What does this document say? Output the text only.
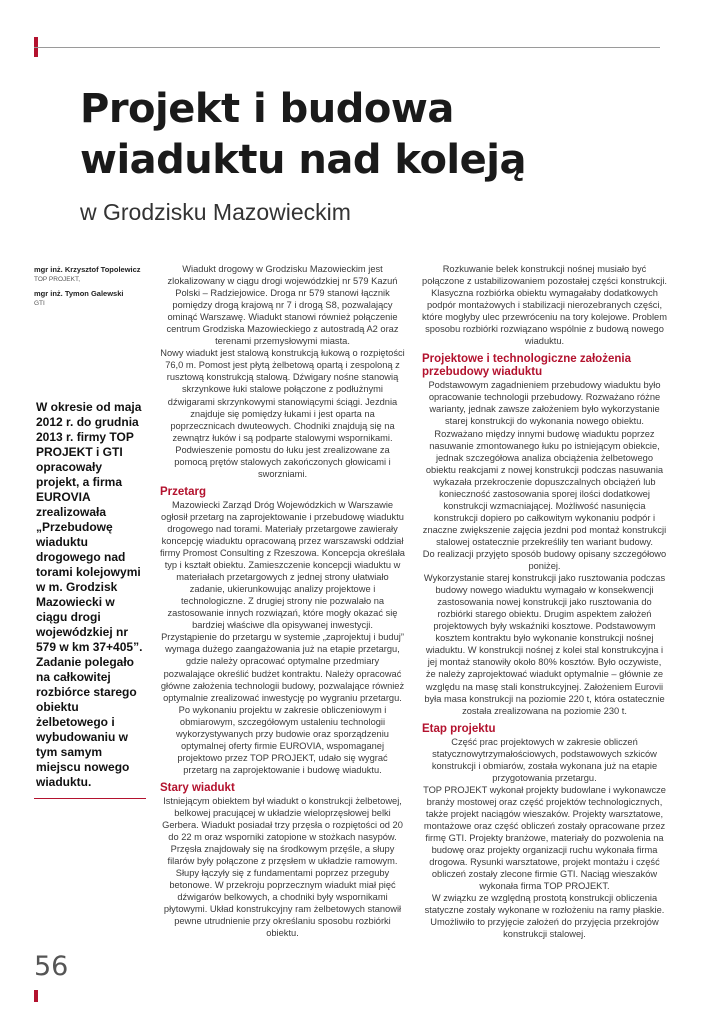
Projekt i budowa
wiaduktu nad koleją
w Grodzisku Mazowieckim
mgr inż. Krzysztof Topolewicz
TOP PROJEKT,
mgr inż. Tymon Galewski
GTI

W okresie od maja 2012 r. do grudnia 2013 r. firmy TOP PROJEKT i GTI opracowały projekt, a firma EUROVIA zrealizowała „Przebudowę wiaduktu drogowego nad torami kolejowymi w m. Grodzisk Mazowiecki w ciągu drogi wojewódzkiej nr 579 w km 37+405”. Zadanie polegało na całkowitej rozbiórce starego obiektu żelbetowego i wybudowaniu w tym samym miejscu nowego wiaduktu.

Wiadukt drogowy w Grodzisku Mazowieckim jest zlokalizowany w ciągu drogi wojewódzkiej nr 579 Kazuń Polski – Radziejowice. Droga nr 579 stanowi łącznik pomiędzy drogą krajową nr 7 i drogą S8, pozwalający ominąć Warszawę. Wiadukt stanowi również połączenie centrum Grodziska Mazowieckiego z autostradą A2 oraz terenami przemysłowymi miasta.

Nowy wiadukt jest stalową konstrukcją łukową o rozpiętości 76,0 m. Pomost jest płytą żelbetową opartą i zespoloną z rusztową konstrukcją stalową. Dźwigary nośne stanowią skrzynkowe łuki stalowe połączone z podłużnymi dźwigarami skrzynkowymi stanowiącymi ściągi. Jezdnia znajduje się pomiędzy łukami i jest oparta na poprzecznicach dwuteowych. Chodniki znajdują się na zewnątrz łuków i są podparte stalowymi wspornikami. Podwieszenie pomostu do łuku jest zrealizowane za pomocą prętów stalowych zakończonych głowicami i sworzniami.

Przetarg

Mazowiecki Zarząd Dróg Wojewódzkich w Warszawie ogłosił przetarg na zaprojektowanie i przebudowę wiaduktu drogowego nad torami. Materiały przetargowe zawierały koncepcję wiaduktu opracowaną przez warszawski oddział firmy Promost Consulting z Rzeszowa. Koncepcja określała typ i kształt obiektu. Zamieszczenie koncepcji wiaduktu w materiałach przetargowych z jednej strony ułatwiało zadanie, ukierunkowując analizy projektowe i technologiczne. Z drugiej strony nie pozwalało na zastosowanie innych rozwiązań, które mogły okazać się bardziej właściwe dla opisywanej inwestycji.

Przystąpienie do przetargu w systemie „zaprojektuj i buduj” wymaga dużego zaangażowania już na etapie przetargu, gdzie należy opracować optymalne przedmiary pozwalające określić budżet kontraktu. Należy opracować główne założenia technologii budowy, pozwalające również optymalnie zrealizować inwestycję po wygraniu przetargu. Po wykonaniu projektu w zakresie obliczeniowym i obmiarowym, szczegółowym ustaleniu technologii wykorzystywanych przy budowie oraz sporządzeniu optymalnej oferty firmie EUROVIA, wspomaganej projektowo przez TOP PROJEKT, udało się wygrać przetarg na zaprojektowanie i budowę wiaduktu.

Stary wiadukt

Istniejącym obiektem był wiadukt o konstrukcji żelbetowej, belkowej pracującej w układzie wieloprzęsłowej belki Gerbera. Wiadukt posiadał trzy przęsła o rozpiętości od 20 do 22 m oraz wsporniki zatopione w stożkach nasypów. Przęsła znajdowały się na środkowym przęśle, a słupy filarów były połączone z przęsłem w układzie ramowym. Słupy łączyły się z fundamentami poprzez przeguby betonowe. W przekroju poprzecznym wiadukt miał pięć dźwigarów belkowych, a chodniki były wspornikami płytowymi. Układ konstrukcyjny ram żelbetowych stanowił pewne utrudnienie przy określaniu sposobu rozbiórki obiektu.

Rozkuwanie belek konstrukcji nośnej musiało być połączone z ustabilizowaniem pozostałej części konstrukcji. Klasyczna rozbiórka obiektu wymagałaby dodatkowych podpór montażowych i stabilizacji nierozebranych części, które mogłyby ulec przewróceniu na tory kolejowe. Problem sposobu rozbiórki rozwiązano wspólnie z budową nowego wiaduktu.

Projektowe i technologiczne założenia przebudowy wiaduktu

Podstawowym zagadnieniem przebudowy wiaduktu było opracowanie technologii przebudowy. Rozważano różne warianty, jednak zawsze założeniem było wykorzystanie starej konstrukcji do wykonania nowego obiektu. Rozważano między innymi budowę wiaduktu poprzez nasuwanie zmontowanego łuku po istniejącym obiekcie, jednak szczegółowa analiza obciążenia żelbetowego obiektu reakcjami z nowej konstrukcji podczas nasuwania wykazała przekroczenie dopuszczalnych obciążeń lub konieczność zastosowania sporej ilości dodatkowej konstrukcji wzmacniającej. Możliwość nasunięcia konstrukcji dopiero po całkowitym wykonaniu podpór i znaczne zwiększenie zajęcia jezdni pod montaż konstrukcji stalowej ostatecznie przekreśliły ten wariant budowy.

Do realizacji przyjęto sposób budowy opisany szczegółowo poniżej.

Wykorzystanie starej konstrukcji jako rusztowania podczas budowy nowego wiaduktu wymagało w konsekwencji zastosowania nowej konstrukcji jako rusztowania do rozbiórki starego obiektu. Drugim aspektem założeń projektowych były wskaźniki kosztowe. Podstawowym kosztem kontraktu było wykonanie konstrukcji nośnej wiaduktu. W konstrukcji nośnej z kolei stal konstrukcyjna i jej montaż stanowiły około 80% kosztów. Było oczywiste, że należy zaprojektować wiadukt optymalnie – głównie ze względu na masę stali konstrukcyjnej. Założeniem Eurovii była masa konstrukcji na poziomie 220 t, która ostatecznie została zrealizowana na poziomie 230 t.

Etap projektu

Część prac projektowych w zakresie obliczeń statycznowytrzymałościowych, podstawowych szkiców konstrukcji i obmiarów, została wykonana już na etapie przygotowania przetargu.

TOP PROJEKT wykonał projekty budowlane i wykonawcze branży mostowej oraz część projektów technologicznych, także projekt naciągów wieszaków. Projekty warsztatowe, montażowe oraz część obliczeń zostały opracowane przez firmę GTI. Projekty branżowe, materiały do pozwolenia na budowę oraz projekty organizacji ruchu wykonała firma drogowa. Rysunki warsztatowe, projekt montażu i część obliczeń zostały zlecone firmie GTI. Naciąg wieszaków wykonała firma TOP PROJEKT.

W związku ze względną prostotą konstrukcji obliczenia statyczne zostały wykonane w rozłożeniu na ramy płaskie. Umożliwiło to przyjęcie założeń do przyjęcia przekrojów konstrukcji stalowej.

56
